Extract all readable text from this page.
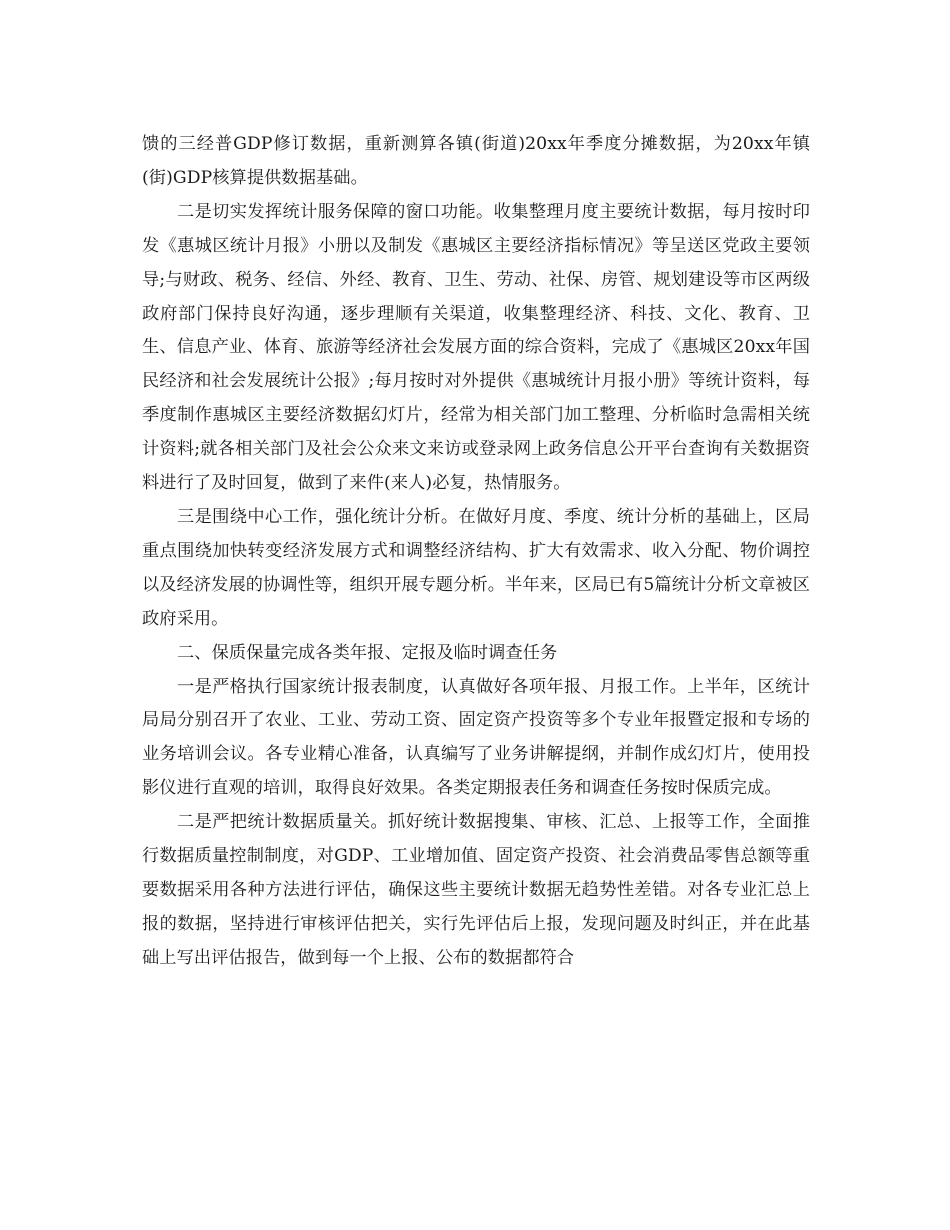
馈的三经普GDP修订数据，重新测算各镇(街道)20xx年季度分摊数据，为20xx年镇(街)GDP核算提供数据基础。

二是切实发挥统计服务保障的窗口功能。收集整理月度主要统计数据，每月按时印发《惠城区统计月报》小册以及制发《惠城区主要经济指标情况》等呈送区党政主要领导;与财政、税务、经信、外经、教育、卫生、劳动、社保、房管、规划建设等市区两级政府部门保持良好沟通，逐步理顺有关渠道，收集整理经济、科技、文化、教育、卫生、信息产业、体育、旅游等经济社会发展方面的综合资料，完成了《惠城区20xx年国民经济和社会发展统计公报》;每月按时对外提供《惠城统计月报小册》等统计资料，每季度制作惠城区主要经济数据幻灯片，经常为相关部门加工整理、分析临时急需相关统计资料;就各相关部门及社会公众来文来访或登录网上政务信息公开平台查询有关数据资料进行了及时回复，做到了来件(来人)必复，热情服务。

三是围绕中心工作，强化统计分析。在做好月度、季度、统计分析的基础上，区局重点围绕加快转变经济发展方式和调整经济结构、扩大有效需求、收入分配、物价调控以及经济发展的协调性等，组织开展专题分析。半年来，区局已有5篇统计分析文章被区政府采用。

二、保质保量完成各类年报、定报及临时调查任务

一是严格执行国家统计报表制度，认真做好各项年报、月报工作。上半年，区统计局局分别召开了农业、工业、劳动工资、固定资产投资等多个专业年报暨定报和专场的业务培训会议。各专业精心准备，认真编写了业务讲解提纲，并制作成幻灯片，使用投影仪进行直观的培训，取得良好效果。各类定期报表任务和调查任务按时保质完成。

二是严把统计数据质量关。抓好统计数据搜集、审核、汇总、上报等工作，全面推行数据质量控制制度，对GDP、工业增加值、固定资产投资、社会消费品零售总额等重要数据采用各种方法进行评估，确保这些主要统计数据无趋势性差错。对各专业汇总上报的数据，坚持进行审核评估把关，实行先评估后上报，发现问题及时纠正，并在此基础上写出评估报告，做到每一个上报、公布的数据都符合
